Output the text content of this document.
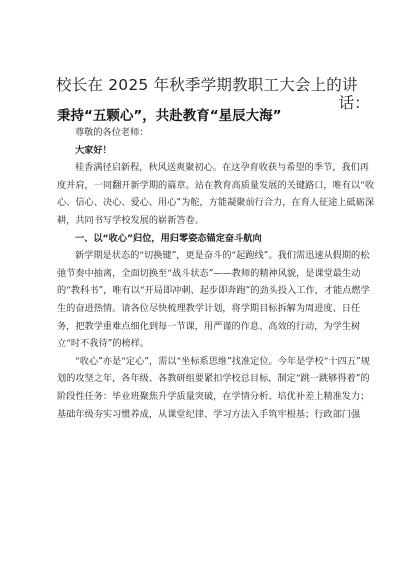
校长在 2025 年秋季学期教职工大会上的讲
话：
秉持“五颗心”，共赴教育“星辰大海”

尊敬的各位老师：

大家好！

桂香满径启新程，秋风送爽聚初心。在这孕育收获与希望的季节，我们再度并肩，一同翻开新学期的篇章。站在教育高质量发展的关键路口，唯有以“收心、信心、决心、爱心、用心”为舵，方能凝聚前行合力，在育人征途上砥砺深耕，共同书写学校发展的崭新答卷。

一、以“收心”归位，用归零姿态锚定奋斗航向

新学期是状态的“切换键”，更是奋斗的“起跑线”。我们需迅速从假期的松弛节奏中抽离，全面切换至“战斗状态”——教师的精神风貌，是课堂最生动的“教科书”，唯有以“开局即冲刺、起步即奔跑”的劲头投入工作，才能点燃学生的奋进热情。请各位尽快梳理教学计划，将学期目标拆解为周进度、日任务，把教学重难点细化到每一节课，用严谨的作息、高效的行动，为学生树立“时不我待”的榜样。

“收心”亦是“定心”，需以“坐标系思维”找准定位。今年是学校“十四五”规划的攻坚之年，各年级、各教研组要紧扣学校总目标，制定“跳一跳够得着”的阶段性任务：毕业班聚焦升学质量突破，在学情分析、培优补差上精准发力；基础年级夯实习惯养成，从课堂纪律、学习方法入手筑牢根基；行政部门强
